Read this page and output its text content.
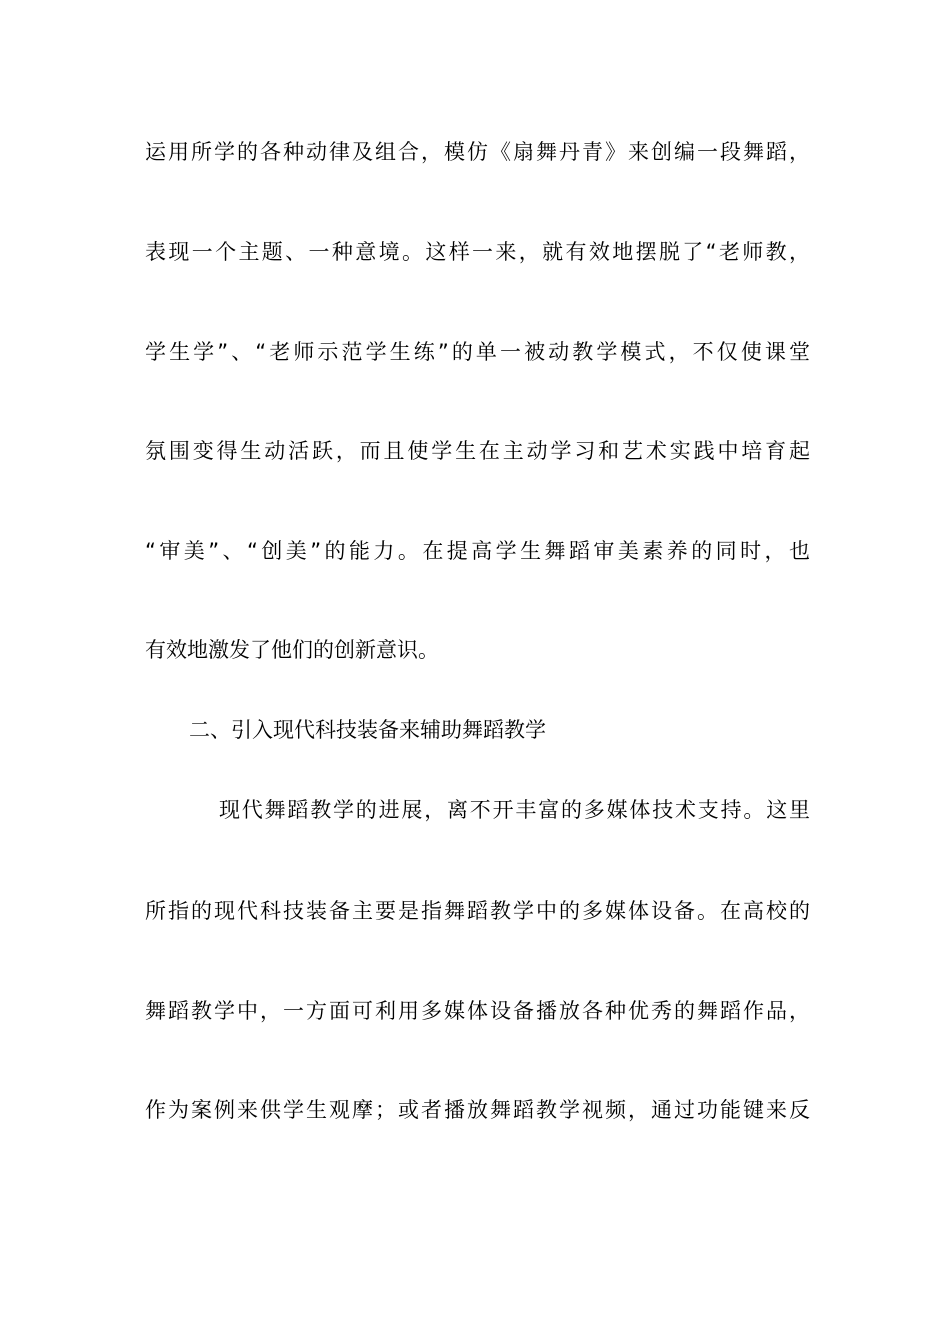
运用所学的各种动律及组合，模仿《扇舞丹青》来创编一段舞蹈，
表现一个主题、一种意境。这样一来，就有效地摆脱了“老师教，
学生学”、“老师示范学生练”的单一被动教学模式，不仅使课堂
氛围变得生动活跃，而且使学生在主动学习和艺术实践中培育起
“审美”、“创美”的能力。在提高学生舞蹈审美素养的同时，也
有效地激发了他们的创新意识。
二、引入现代科技装备来辅助舞蹈教学
现代舞蹈教学的进展，离不开丰富的多媒体技术支持。这里
所指的现代科技装备主要是指舞蹈教学中的多媒体设备。在高校的
舞蹈教学中，一方面可利用多媒体设备播放各种优秀的舞蹈作品，
作为案例来供学生观摩；或者播放舞蹈教学视频，通过功能键来反
